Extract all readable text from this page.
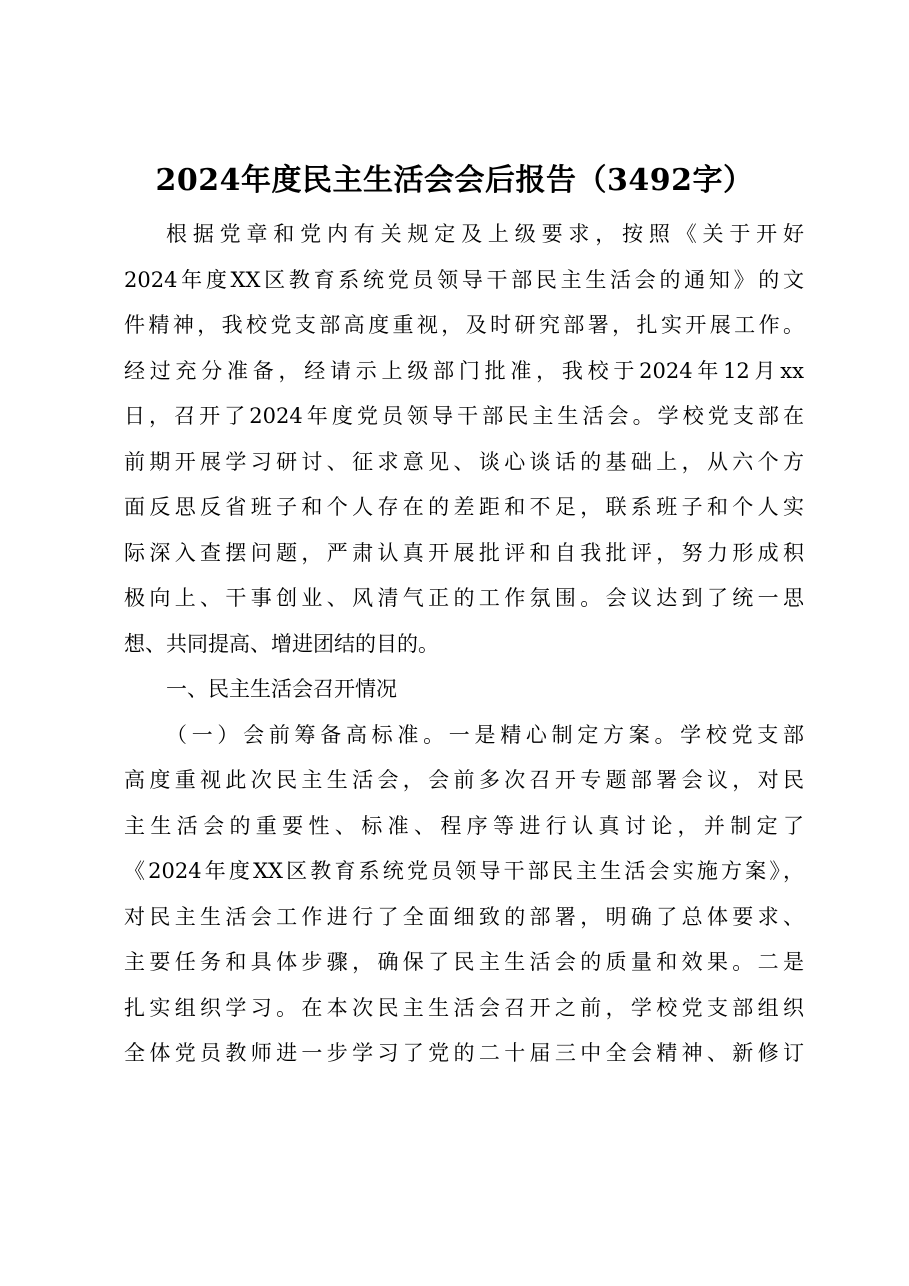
2024年度民主生活会会后报告（3492字）
根据党章和党内有关规定及上级要求，按照《关于开好
2024年度XX区教育系统党员领导干部民主生活会的通知》的文
件精神，我校党支部高度重视，及时研究部署，扎实开展工作。
经过充分准备，经请示上级部门批准，我校于2024年12月xx
日，召开了2024年度党员领导干部民主生活会。学校党支部在
前期开展学习研讨、征求意见、谈心谈话的基础上，从六个方
面反思反省班子和个人存在的差距和不足，联系班子和个人实
际深入查摆问题，严肃认真开展批评和自我批评，努力形成积
极向上、干事创业、风清气正的工作氛围。会议达到了统一思
想、共同提高、增进团结的目的。
一、民主生活会召开情况
（一）会前筹备高标准。一是精心制定方案。学校党支部
高度重视此次民主生活会，会前多次召开专题部署会议，对民
主生活会的重要性、标准、程序等进行认真讨论，并制定了
《2024年度XX区教育系统党员领导干部民主生活会实施方案》，
对民主生活会工作进行了全面细致的部署，明确了总体要求、
主要任务和具体步骤，确保了民主生活会的质量和效果。二是
扎实组织学习。在本次民主生活会召开之前，学校党支部组织
全体党员教师进一步学习了党的二十届三中全会精神、新修订
